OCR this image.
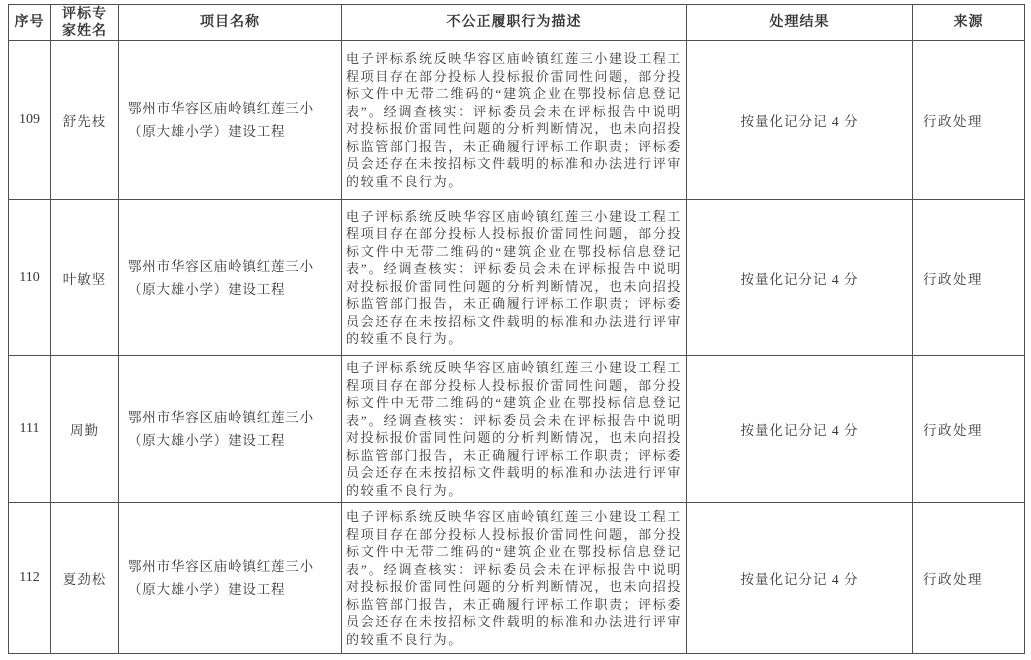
序号	评标专家姓名	项目名称	不公正履职行为描述	处理结果	来源
109	舒先枝	鄂州市华容区庙岭镇红莲三小（原大雄小学）建设工程	电子评标系统反映华容区庙岭镇红莲三小建设工程工程项目存在部分投标人投标报价雷同性问题，部分投标文件中无带二维码的“建筑企业在鄂投标信息登记表”。经调查核实：评标委员会未在评标报告中说明对投标报价雷同性问题的分析判断情况，也未向招投标监管部门报告，未正确履行评标工作职责；评标委员会还存在未按招标文件载明的标准和办法进行评审的较重不良行为。	按量化记分记 4 分	行政处理
110	叶敏坚	鄂州市华容区庙岭镇红莲三小（原大雄小学）建设工程	电子评标系统反映华容区庙岭镇红莲三小建设工程工程项目存在部分投标人投标报价雷同性问题，部分投标文件中无带二维码的“建筑企业在鄂投标信息登记表”。经调查核实：评标委员会未在评标报告中说明对投标报价雷同性问题的分析判断情况，也未向招投标监管部门报告，未正确履行评标工作职责；评标委员会还存在未按招标文件载明的标准和办法进行评审的较重不良行为。	按量化记分记 4 分	行政处理
111	周勤	鄂州市华容区庙岭镇红莲三小（原大雄小学）建设工程	电子评标系统反映华容区庙岭镇红莲三小建设工程工程项目存在部分投标人投标报价雷同性问题，部分投标文件中无带二维码的“建筑企业在鄂投标信息登记表”。经调查核实：评标委员会未在评标报告中说明对投标报价雷同性问题的分析判断情况，也未向招投标监管部门报告，未正确履行评标工作职责；评标委员会还存在未按招标文件载明的标准和办法进行评审的较重不良行为。	按量化记分记 4 分	行政处理
112	夏劲松	鄂州市华容区庙岭镇红莲三小（原大雄小学）建设工程	电子评标系统反映华容区庙岭镇红莲三小建设工程工程项目存在部分投标人投标报价雷同性问题，部分投标文件中无带二维码的“建筑企业在鄂投标信息登记表”。经调查核实：评标委员会未在评标报告中说明对投标报价雷同性问题的分析判断情况，也未向招投标监管部门报告，未正确履行评标工作职责；评标委员会还存在未按招标文件载明的标准和办法进行评审的较重不良行为。	按量化记分记 4 分	行政处理
